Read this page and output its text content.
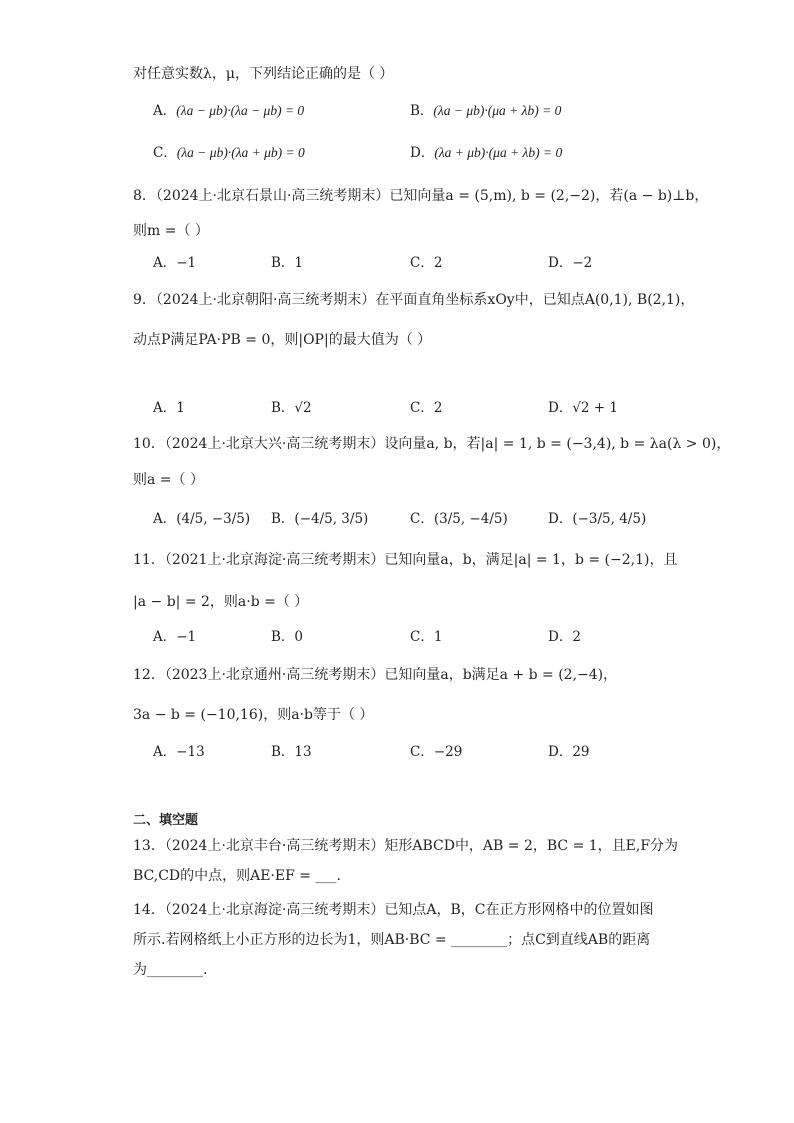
对任意实数λ，μ，下列结论正确的是（ ）
A．(λa − μb)·(λa − μb) = 0	B．(λa − μb)·(μa + λb) = 0
C．(λa − μb)·(λa + μb) = 0	D．(λa + μb)·(μa + λb) = 0
8．（2024上·北京石景山·高三统考期末）已知向量a = (5,m), b = (2,−2)，若(a − b)⊥b，
则m =（ ）
A．−1	B．1	C．2	D．−2
9．（2024上·北京朝阳·高三统考期末）在平面直角坐标系xOy中，已知点A(0,1), B(2,1)，
动点P满足PA·PB = 0，则|OP|的最大值为（ ）
A．1	B．√2	C．2	D．√2 + 1
10．（2024上·北京大兴·高三统考期末）设向量a, b，若|a| = 1, b = (−3,4), b = λa(λ > 0)，
则a =（ ）
A．(4/5, −3/5) B．(−4/5, 3/5)	C．(3/5, −4/5)	D．(−3/5, 4/5)
11．（2021上·北京海淀·高三统考期末）已知向量a，b，满足|a| = 1，b = (−2,1)，且
|a − b| = 2，则a·b =（ ）
A．−1	B．0	C．1	D．2
12．（2023上·北京通州·高三统考期末）已知向量a，b满足a + b = (2,−4)，
3a − b = (−10,16)，则a·b等于（ ）
A．−13	B．13	C．−29	D．29
二、填空题
13．（2024上·北京丰台·高三统考期末）矩形ABCD中，AB = 2，BC = 1，且E,F分为
BC,CD的中点，则AE·EF = ___.
14．（2024上·北京海淀·高三统考期末）已知点A，B，C在正方形网格中的位置如图
所示.若网格纸上小正方形的边长为1，则AB·BC = ________；点C到直线AB的距离
为________.
